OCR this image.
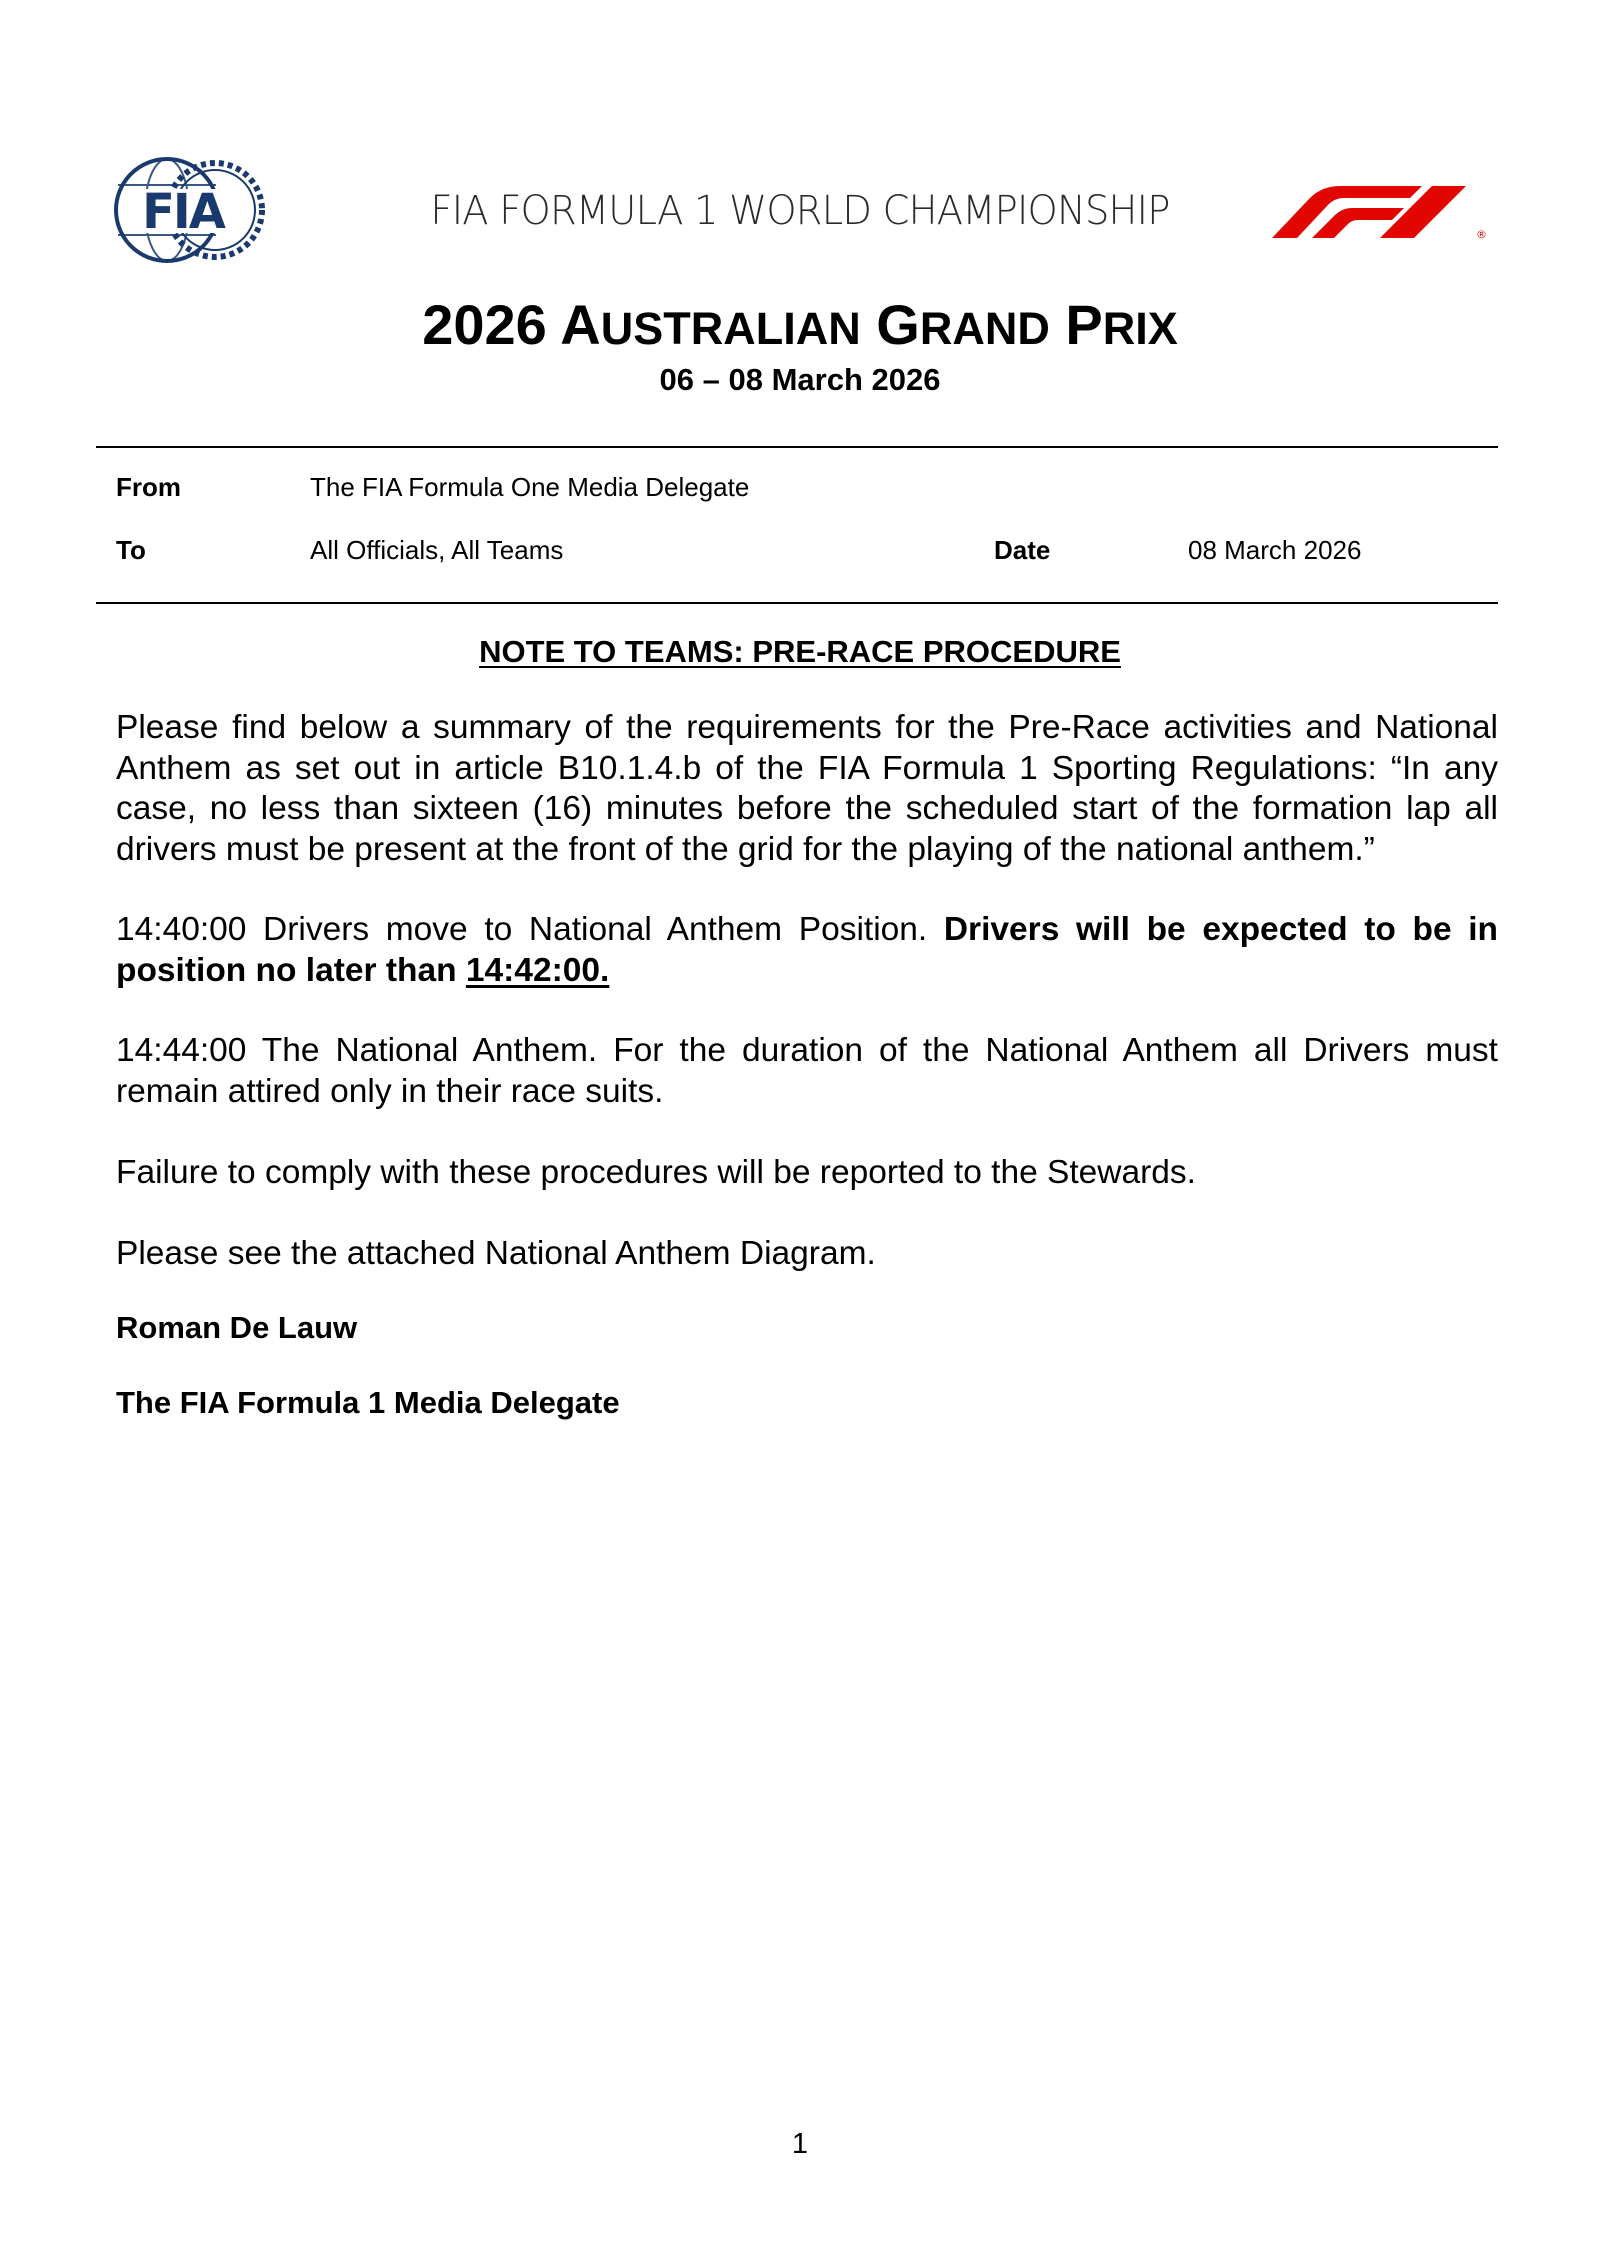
FIA	FIA FORMULA 1 WORLD CHAMPIONSHIP
®
2026 AUSTRALIAN GRAND PRIX
06 – 08 March 2026
From	The FIA Formula One Media Delegate
To	All Officials, All Teams	Date	08 March 2026
NOTE TO TEAMS: PRE-RACE PROCEDURE

Please find below a summary of the requirements for the Pre-Race activities and National Anthem as set out in article B10.1.4.b of the FIA Formula 1 Sporting Regulations: “In any case, no less than sixteen (16) minutes before the scheduled start of the formation lap all drivers must be present at the front of the grid for the playing of the national anthem.”

14:40:00 Drivers move to National Anthem Position. Drivers will be expected to be in position no later than 14:42:00.

14:44:00 The National Anthem. For the duration of the National Anthem all Drivers must remain attired only in their race suits.

Failure to comply with these procedures will be reported to the Stewards.

Please see the attached National Anthem Diagram.

Roman De Lauw
The FIA Formula 1 Media Delegate
1
